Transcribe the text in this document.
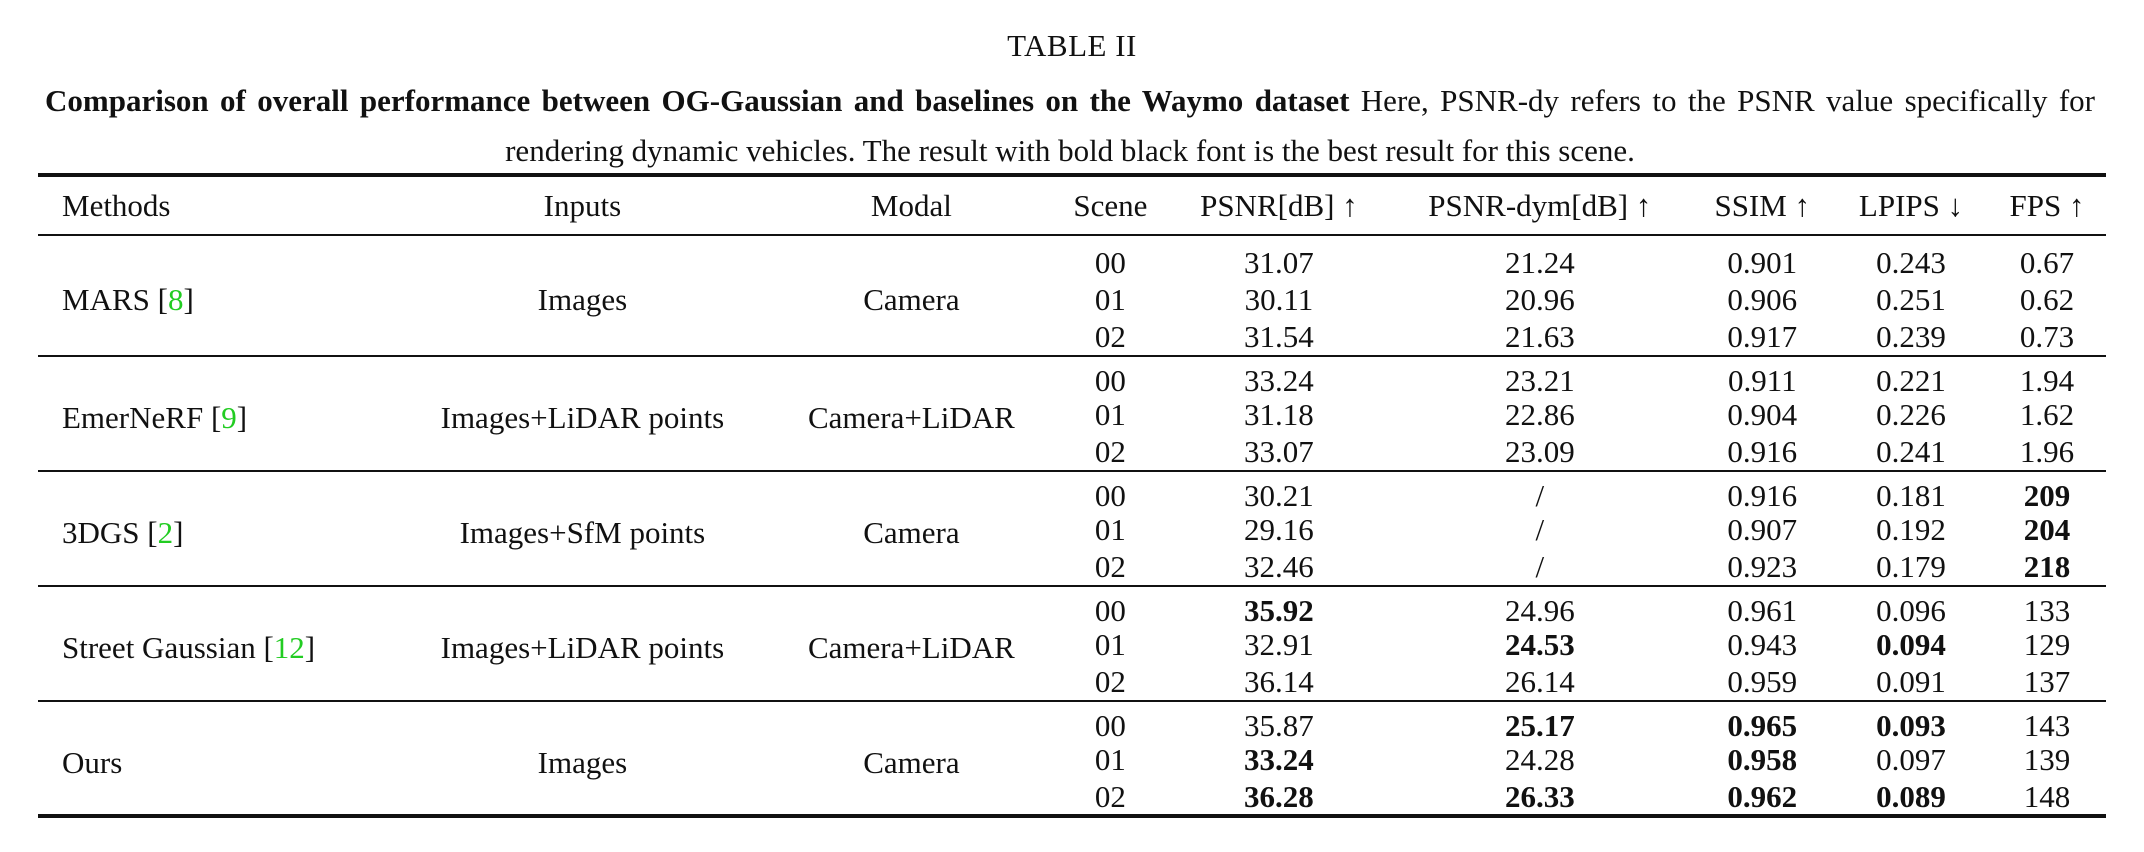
TABLE II
Comparison of overall performance between OG-Gaussian and baselines on the Waymo dataset Here, PSNR-dy refers to the PSNR value specifically for rendering dynamic vehicles. The result with bold black font is the best result for this scene.
Methods	Inputs	Modal	Scene	PSNR[dB] ↑	PSNR-dym[dB] ↑	SSIM ↑	LPIPS ↓	FPS ↑
MARS [8]	Images	Camera	00	31.07	21.24	0.901	0.243	0.67
			01	30.11	20.96	0.906	0.251	0.62
			02	31.54	21.63	0.917	0.239	0.73
EmerNeRF [9]	Images+LiDAR points	Camera+LiDAR	00	33.24	23.21	0.911	0.221	1.94
			01	31.18	22.86	0.904	0.226	1.62
			02	33.07	23.09	0.916	0.241	1.96
3DGS [2]	Images+SfM points	Camera	00	30.21	/	0.916	0.181	209
			01	29.16	/	0.907	0.192	204
			02	32.46	/	0.923	0.179	218
Street Gaussian [12]	Images+LiDAR points	Camera+LiDAR	00	35.92	24.96	0.961	0.096	133
			01	32.91	24.53	0.943	0.094	129
			02	36.14	26.14	0.959	0.091	137
Ours	Images	Camera	00	35.87	25.17	0.965	0.093	143
			01	33.24	24.28	0.958	0.097	139
			02	36.28	26.33	0.962	0.089	148
